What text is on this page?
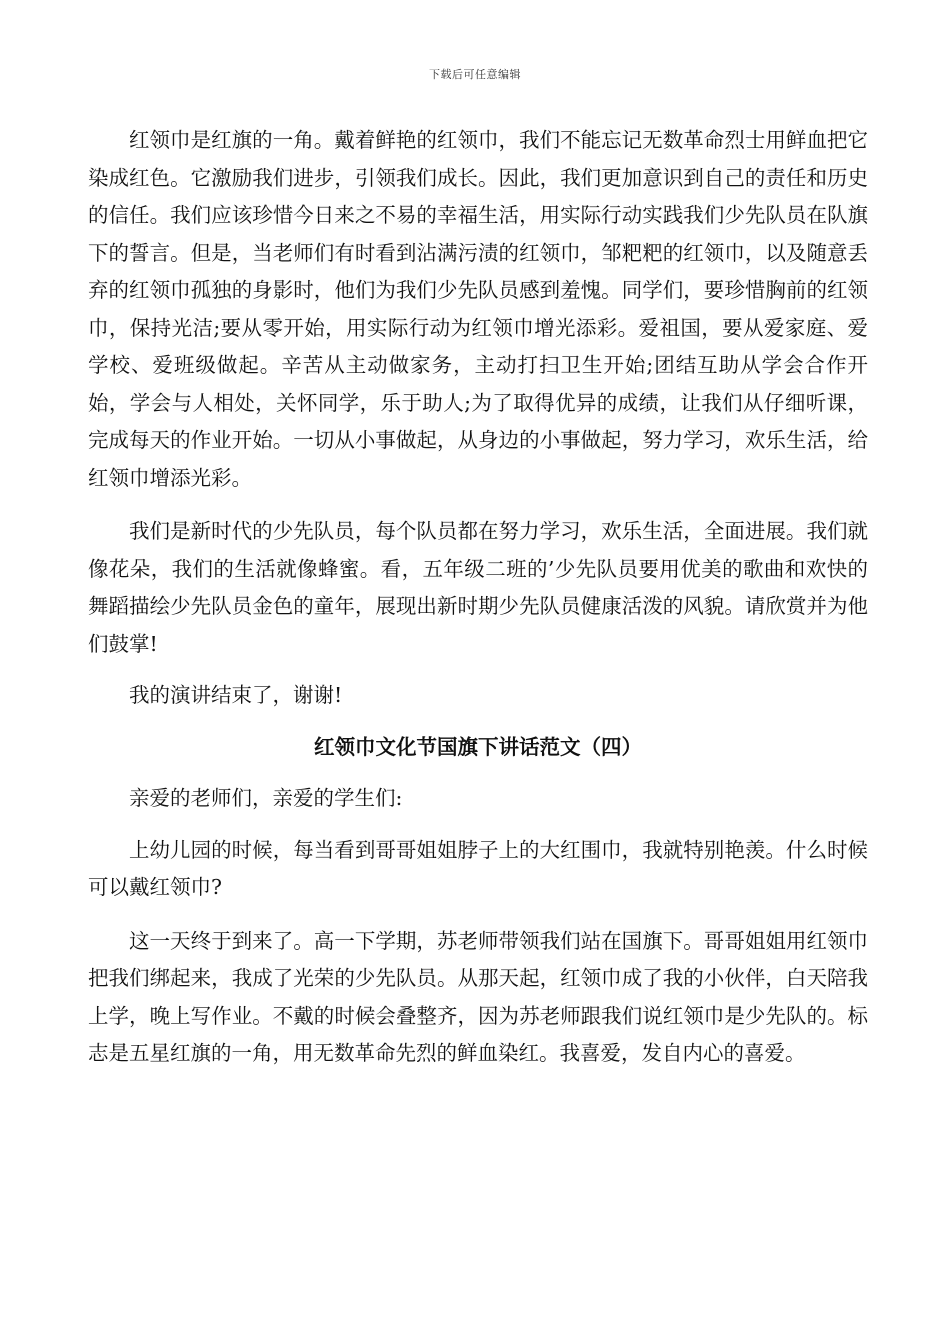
下载后可任意编辑

红领巾是红旗的一角。戴着鲜艳的红领巾，我们不能忘记无数革命烈士用鲜血把它染成红色。它激励我们进步，引领我们成长。因此，我们更加意识到自己的责任和历史的信任。我们应该珍惜今日来之不易的幸福生活，用实际行动实践我们少先队员在队旗下的誓言。但是，当老师们有时看到沾满污渍的红领巾，邹粑粑的红领巾，以及随意丢弃的红领巾孤独的身影时，他们为我们少先队员感到羞愧。同学们，要珍惜胸前的红领巾，保持光洁;要从零开始，用实际行动为红领巾增光添彩。爱祖国，要从爱家庭、爱学校、爱班级做起。辛苦从主动做家务，主动打扫卫生开始;团结互助从学会合作开始，学会与人相处，关怀同学，乐于助人;为了取得优异的成绩，让我们从仔细听课，完成每天的作业开始。一切从小事做起，从身边的小事做起，努力学习，欢乐生活，给红领巾增添光彩。

我们是新时代的少先队员，每个队员都在努力学习，欢乐生活，全面进展。我们就像花朵，我们的生活就像蜂蜜。看，五年级二班的’少先队员要用优美的歌曲和欢快的舞蹈描绘少先队员金色的童年，展现出新时期少先队员健康活泼的风貌。请欣赏并为他们鼓掌!

我的演讲结束了，谢谢!

红领巾文化节国旗下讲话范文（四）

亲爱的老师们，亲爱的学生们:

上幼儿园的时候，每当看到哥哥姐姐脖子上的大红围巾，我就特别艳羡。什么时候可以戴红领巾?

这一天终于到来了。高一下学期，苏老师带领我们站在国旗下。哥哥姐姐用红领巾把我们绑起来，我成了光荣的少先队员。从那天起，红领巾成了我的小伙伴，白天陪我上学，晚上写作业。不戴的时候会叠整齐，因为苏老师跟我们说红领巾是少先队的。标志是五星红旗的一角，用无数革命先烈的鲜血染红。我喜爱，发自内心的喜爱。
